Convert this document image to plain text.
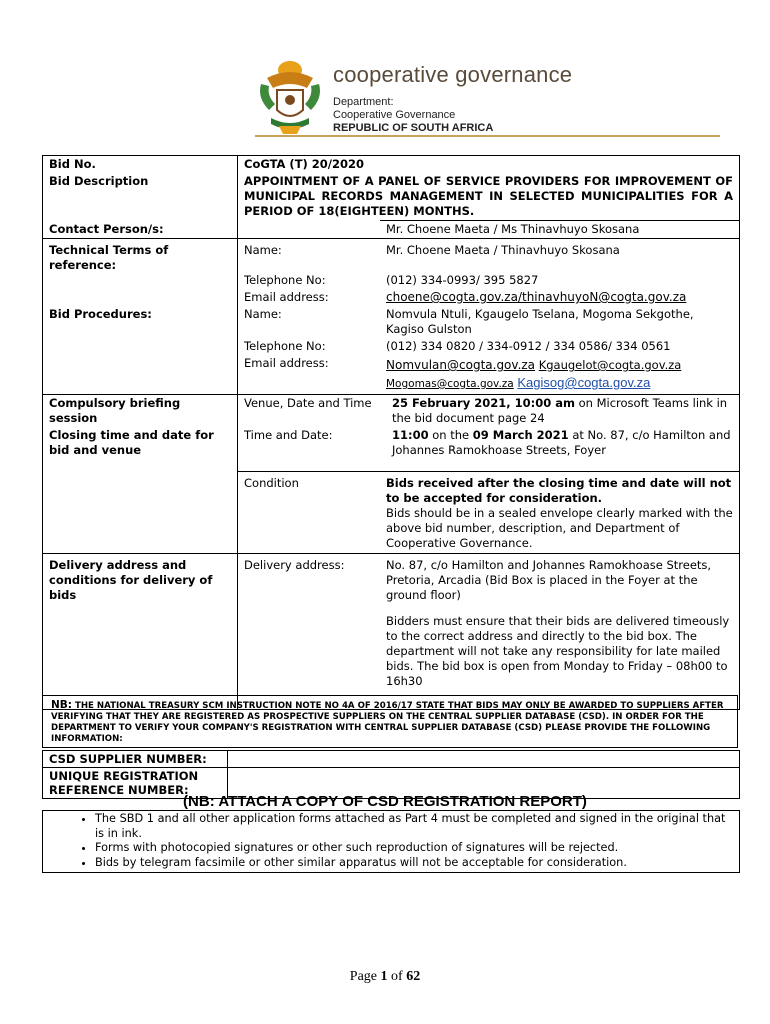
cooperative governance
Department:
Cooperative Governance
REPUBLIC OF SOUTH AFRICA
Bid No.	CoGTA (T) 20/2020	
Bid Description	APPOINTMENT OF A PANEL OF SERVICE PROVIDERS FOR IMPROVEMENT OF MUNICIPAL RECORDS MANAGEMENT IN SELECTED MUNICIPALITIES FOR A PERIOD OF 18(EIGHTEEN) MONTHS.	
Contact Person/s:		Mr. Choene Maeta / Ms Thinavhuyo Skosana
Technical Terms of reference:	Name:	Mr. Choene Maeta / Thinavhuyo Skosana
	Telephone No:	(012) 334-0993/ 395 5827
	Email address:	choene@cogta.gov.za/thinavhuyoN@cogta.gov.za
Bid Procedures:	Name:	Nomvula Ntuli, Kgaugelo Tselana, Mogoma Sekgothe, Kagiso Gulston
	Telephone No:	(012) 334 0820 / 334-0912 / 334 0586/ 334 0561
	Email address:	Nomvulan@cogta.gov.za Kgaugelot@cogta.gov.za
Mogomas@cogta.gov.za Kagisog@cogta.gov.za
Compulsory briefing session	Venue, Date and Time	25 February 2021, 10:00 am on Microsoft Teams link in the bid document page 24
Closing time and date for bid and venue	Time and Date:	11:00 on the 09 March 2021 at No. 87, c/o Hamilton and Johannes Ramokhoase Streets, Foyer
	Condition	Bids received after the closing time and date will not to be accepted for consideration.
Bids should be in a sealed envelope clearly marked with the above bid number, description, and Department of Cooperative Governance.

Delivery address and conditions for delivery of bids	Delivery address:	No. 87, c/o Hamilton and Johannes Ramokhoase Streets, Pretoria, Arcadia (Bid Box is placed in the Foyer at the ground floor)
Bidders must ensure that their bids are delivered timeously to the correct address and directly to the bid box. The department will not take any responsibility for late mailed bids. The bid box is open from Monday to Friday – 08h00 to 16h30
NB: THE NATIONAL TREASURY SCM INSTRUCTION NOTE NO 4A OF 2016/17 STATE THAT BIDS MAY ONLY BE AWARDED TO SUPPLIERS AFTER VERIFYING THAT THEY ARE REGISTERED AS PROSPECTIVE SUPPLIERS ON THE CENTRAL SUPPLIER DATABASE (CSD). IN ORDER FOR THE DEPARTMENT TO VERIFY YOUR COMPANY'S REGISTRATION WITH CENTRAL SUPPLIER DATABASE (CSD) PLEASE PROVIDE THE FOLLOWING INFORMATION:
CSD SUPPLIER NUMBER:	
UNIQUE REGISTRATION REFERENCE NUMBER:	
(NB: ATTACH A COPY OF CSD REGISTRATION REPORT)
• The SBD 1 and all other application forms attached as Part 4 must be completed and signed in the original that is in ink.
• Forms with photocopied signatures or other such reproduction of signatures will be rejected.
• Bids by telegram facsimile or other similar apparatus will not be acceptable for consideration.
Page 1 of 62
